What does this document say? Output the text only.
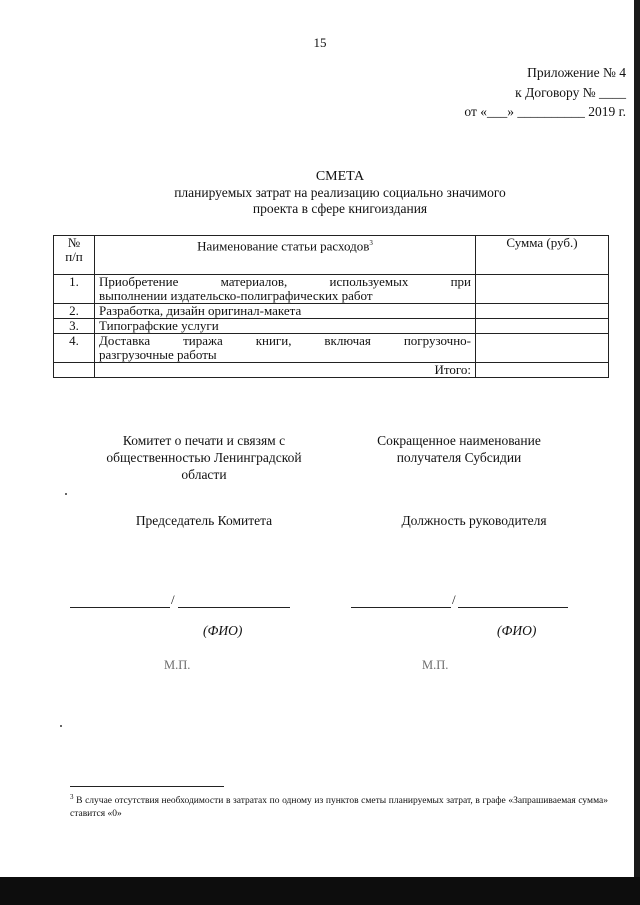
15
Приложение № 4
к Договору № ____
от «___» __________ 2019 г.
СМЕТА
планируемых затрат на реализацию социально значимого
проекта в сфере книгоиздания
№
п/п	Наименование статьи расходов$^3$	Сумма (руб.)
1.	Приобретение материалов, используемых при
выполнении издательско-полиграфических работ	

2.	Разработка, дизайн оригинал-макета	

3.	Типографские услуги	

4.	Доставка тиража книги, включая погрузочно-
разгрузочные работы	

	Итого:	
Комитет о печати и связям с
общественностью Ленинградской
области
Председатель Комитета
/
(ФИО)
М.П.
Сокращенное наименование
получателя Субсидии
Должность руководителя
/
(ФИО)
М.П.
$^3$ В случае отсутствия необходимости в затратах по одному из пунктов сметы планируемых затрат, в графе «Запрашиваемая сумма» ставится «0»
